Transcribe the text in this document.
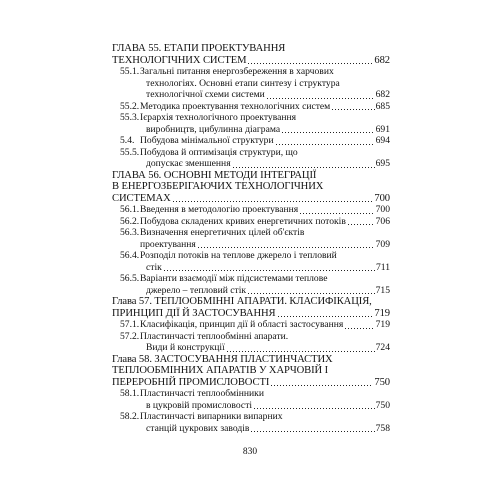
ГЛАВА 55. ЕТАПИ ПРОЕКТУВАННЯ
ТЕХНОЛОГІЧНИХ СИСТЕМ	682
55.1. Загальні питання енергозбереження в харчових
технологіях. Основні етапи синтезу і структура
технологічної схеми системи	682
55.2. Методика проектування технологічних систем	685
55.3. Ієрархія технологічного проектування
виробництв, цибулинна діаграма	691
5.4. Побудова мінімальної структури	694
55.5. Побудова й оптимізація структури, що
допускає зменшення	695
ГЛАВА 56. ОСНОВНІ МЕТОДИ ІНТЕГРАЦІЇ
В ЕНЕРГОЗБЕРІГАЮЧИХ ТЕХНОЛОГІЧНИХ
СИСТЕМАХ	700
56.1. Введення в методологію проектування	700
56.2. Побудова складених кривих енергетичних потоків	706
56.3. Визначення енергетичних цілей об'єктів
проектування	709
56.4. Розподіл потоків на теплове джерело і тепловий
стік	711
56.5. Варіанти взаємодії між підсистемами теплове
джерело – тепловий стік	715
Глава 57. ТЕПЛООБМІННІ АПАРАТИ. КЛАСИФІКАЦІЯ,
ПРИНЦИП ДІЇ Й ЗАСТОСУВАННЯ	719
57.1. Класифікація, принцип дії й області застосування	719
57.2. Пластинчасті теплообмінні апарати.
Види й конструкції	724
Глава 58. ЗАСТОСУВАННЯ ПЛАСТИНЧАСТИХ
ТЕПЛООБМІННИХ АПАРАТІВ У ХАРЧОВІЙ І
ПЕРЕРОБНІЙ ПРОМИСЛОВОСТІ	750
58.1. Пластинчасті теплообмінники
в цукровій промисловості	750
58.2. Пластинчасті випарники випарних
станцій цукрових заводів	758
830
